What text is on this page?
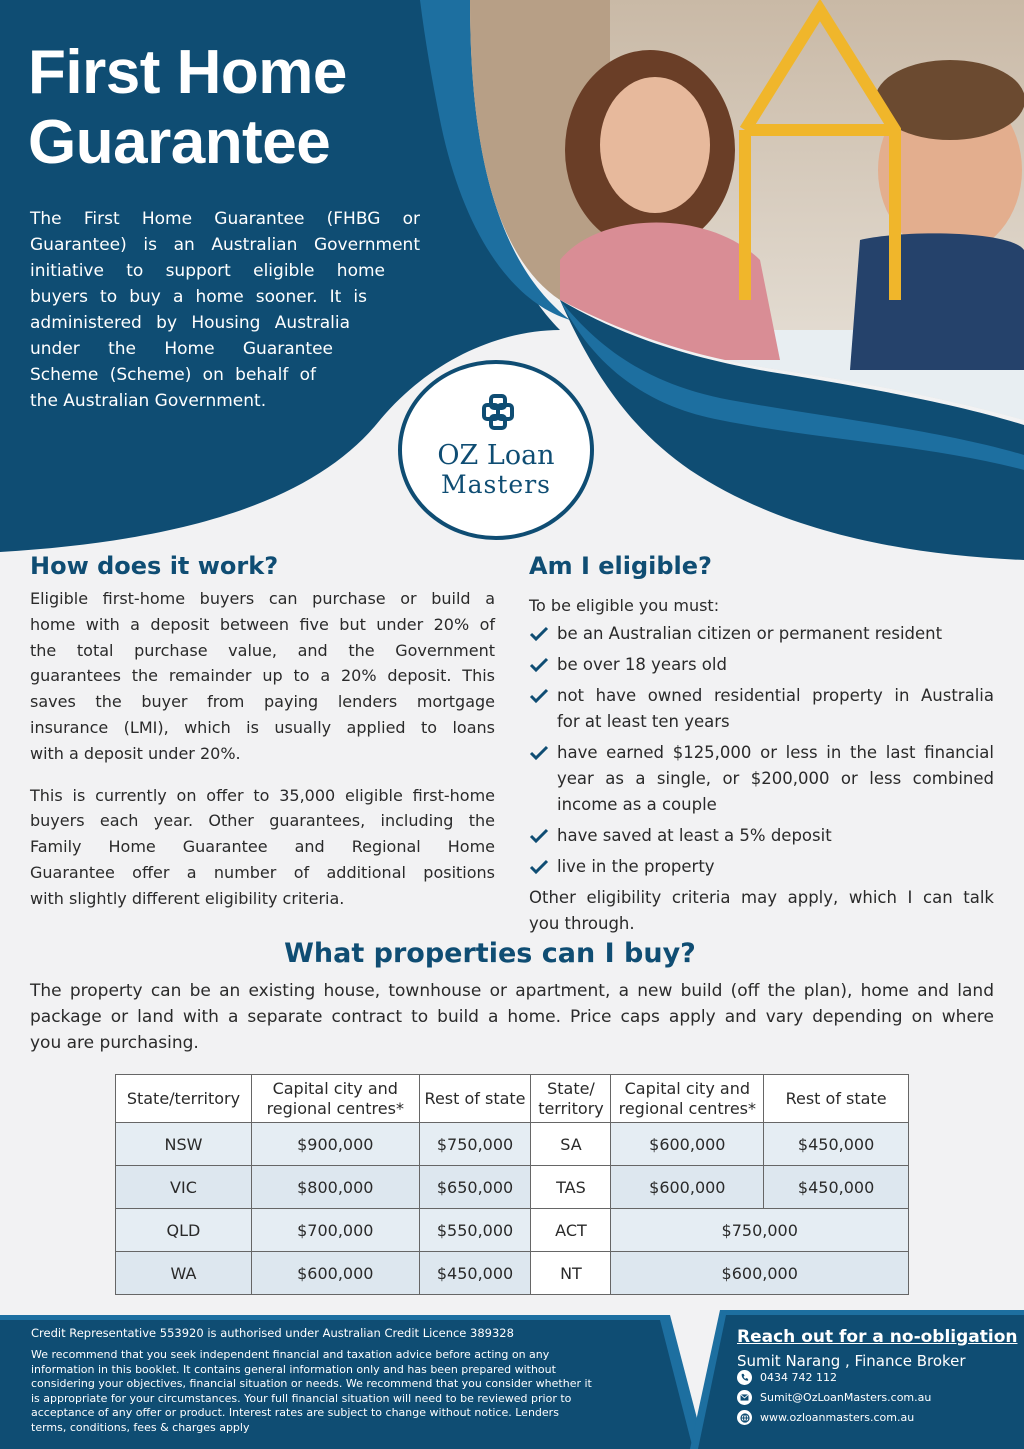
First Home
Guarantee
The First Home Guarantee (FHBG or
Guarantee) is an Australian Government
initiative to support eligible home
buyers to buy a home sooner. It is
administered by Housing Australia
under the Home Guarantee
Scheme (Scheme) on behalf of
the Australian Government.
OZ Loan
Masters
How does it work?

Eligible first-home buyers can purchase or build a
home with a deposit between five but under 20% of
the total purchase value, and the Government
guarantees the remainder up to a 20% deposit. This
saves the buyer from paying lenders mortgage
insurance (LMI), which is usually applied to loans
with a deposit under 20%.

This is currently on offer to 35,000 eligible first-home
buyers each year. Other guarantees, including the
Family Home Guarantee and Regional Home
Guarantee offer a number of additional positions
with slightly different eligibility criteria.

Am I eligible?
To be eligible you must:
be an Australian citizen or permanent resident
be over 18 years old
not have owned residential property in Australia
for at least ten years
have earned $125,000 or less in the last financial
year as a single, or $200,000 or less combined
income as a couple
have saved at least a 5% deposit
live in the property
Other eligibility criteria may apply, which I can talk
you through.
What properties can I buy?
The property can be an existing house, townhouse or apartment, a new build (off the plan), home and land
package or land with a separate contract to build a home. Price caps apply and vary depending on where
you are purchasing.
State/territory	Capital city and regional centres*	Rest of state	State/ territory	Capital city and regional centres*	Rest of state
NSW	$900,000	$750,000	SA	$600,000	$450,000
VIC	$800,000	$650,000	TAS	$600,000	$450,000
QLD	$700,000	$550,000	ACT	$750,000	
WA	$600,000	$450,000	NT	$600,000	
Credit Representative 553920 is authorised under Australian Credit Licence 389328
We recommend that you seek independent financial and taxation advice before acting on any
information in this booklet. It contains general information only and has been prepared without
considering your objectives, financial situation or needs. We recommend that you consider whether it
is appropriate for your circumstances. Your full financial situation will need to be reviewed prior to
acceptance of any offer or product. Interest rates are subject to change without notice. Lenders
terms, conditions, fees & charges apply
Reach out for a no-obligation
Sumit Narang , Finance Broker
0434 742 112
Sumit@OzLoanMasters.com.au
www.ozloanmasters.com.au
